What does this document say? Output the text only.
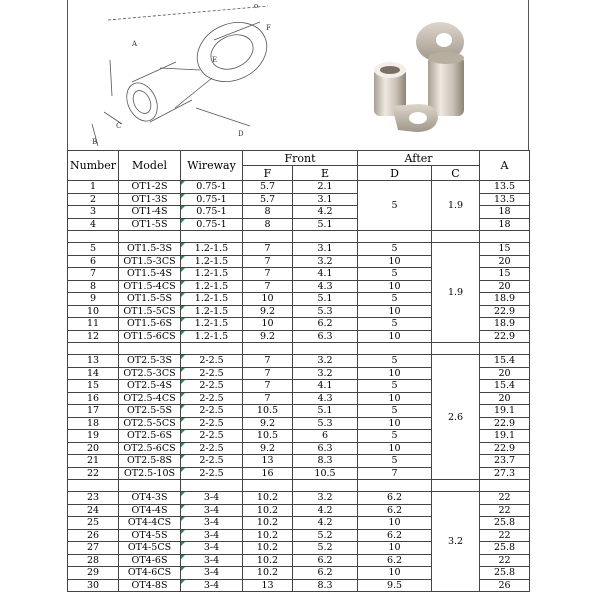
A
B
C
D
E
F
o
Number	Model	Wireway	Front		After		A
			F	E	D	C	
1	OT1-2S	0.75-1	5.7	2.1	5	1.9	13.5
2	OT1-3S	0.75-1	5.7	3.1			13.5
3	OT1-4S	0.75-1	8	4.2			18
4	OT1-5S	0.75-1	8	5.1			18

5	OT1.5-3S	1.2-1.5	7	3.1	5	1.9	15
6	OT1.5-3CS	1.2-1.5	7	3.2	10		20
7	OT1.5-4S	1.2-1.5	7	4.1	5		15
8	OT1.5-4CS	1.2-1.5	7	4.3	10		20
9	OT1.5-5S	1.2-1.5	10	5.1	5		18.9
10	OT1.5-5CS	1.2-1.5	9.2	5.3	10		22.9
11	OT1.5-6S	1.2-1.5	10	6.2	5		18.9
12	OT1.5-6CS	1.2-1.5	9.2	6.3	10		22.9

13	OT2.5-3S	2-2.5	7	3.2	5	2.6	15.4
14	OT2.5-3CS	2-2.5	7	3.2	10		20
15	OT2.5-4S	2-2.5	7	4.1	5		15.4
16	OT2.5-4CS	2-2.5	7	4.3	10		20
17	OT2.5-5S	2-2.5	10.5	5.1	5		19.1
18	OT2.5-5CS	2-2.5	9.2	5.3	10		22.9
19	OT2.5-6S	2-2.5	10.5	6	5		19.1
20	OT2.5-6CS	2-2.5	9.2	6.3	10		22.9
21	OT2.5-8S	2-2.5	13	8.3	5		23.7
22	OT2.5-10S	2-2.5	16	10.5	7		27.3

23	OT4-3S	3-4	10.2	3.2	6.2	3.2	22
24	OT4-4S	3-4	10.2	4.2	6.2		22
25	OT4-4CS	3-4	10.2	4.2	10		25.8
26	OT4-5S	3-4	10.2	5.2	6.2		22
27	OT4-5CS	3-4	10.2	5.2	10		25.8
28	OT4-6S	3-4	10.2	6.2	6.2		22
29	OT4-6CS	3-4	10.2	6.2	10		25.8
30	OT4-8S	3-4	13	8.3	9.5		26
